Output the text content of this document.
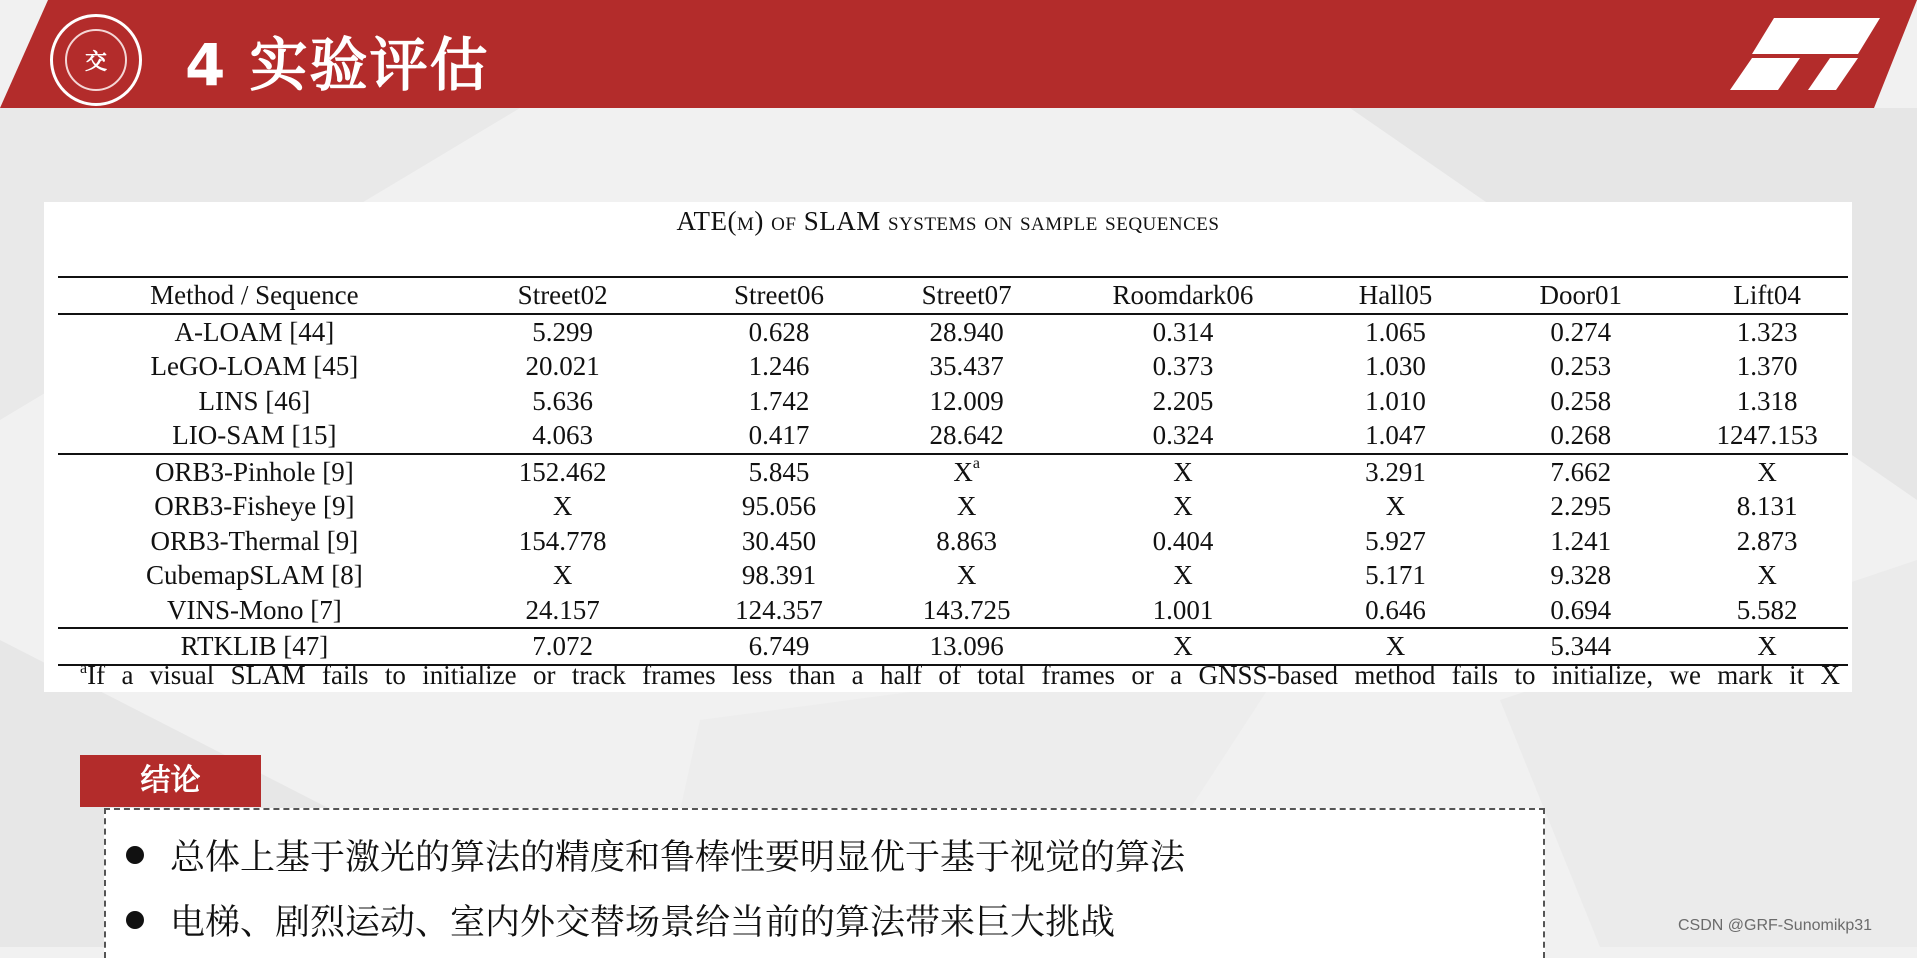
交	4 实验评估
ATE(m) of SLAM systems on sample sequences
Method / Sequence	Street02	Street06	Street07	Roomdark06	Hall05	Door01	Lift04
A-LOAM [44]	5.299	0.628	28.940	0.314	1.065	0.274	1.323
LeGO-LOAM [45]	20.021	1.246	35.437	0.373	1.030	0.253	1.370
LINS [46]	5.636	1.742	12.009	2.205	1.010	0.258	1.318
LIO-SAM [15]	4.063	0.417	28.642	0.324	1.047	0.268	1247.153
ORB3-Pinhole [9]	152.462	5.845	$X^a$	X	3.291	7.662	X
ORB3-Fisheye [9]	X	95.056	X	X	X	2.295	8.131
ORB3-Thermal [9]	154.778	30.450	8.863	0.404	5.927	1.241	2.873
CubemapSLAM [8]	X	98.391	X	X	5.171	9.328	X
VINS-Mono [7]	24.157	124.357	143.725	1.001	0.646	0.694	5.582
RTKLIB [47]	7.072	6.749	13.096	X	X	5.344	X
$^a$If a visual SLAM fails to initialize or track frames less than a half of total frames or a GNSS-based method fails to initialize, we mark it X
结论
总体上基于激光的算法的精度和鲁棒性要明显优于基于视觉的算法
电梯、剧烈运动、室内外交替场景给当前的算法带来巨大挑战	CSDN @GRF-Sunomikp31
